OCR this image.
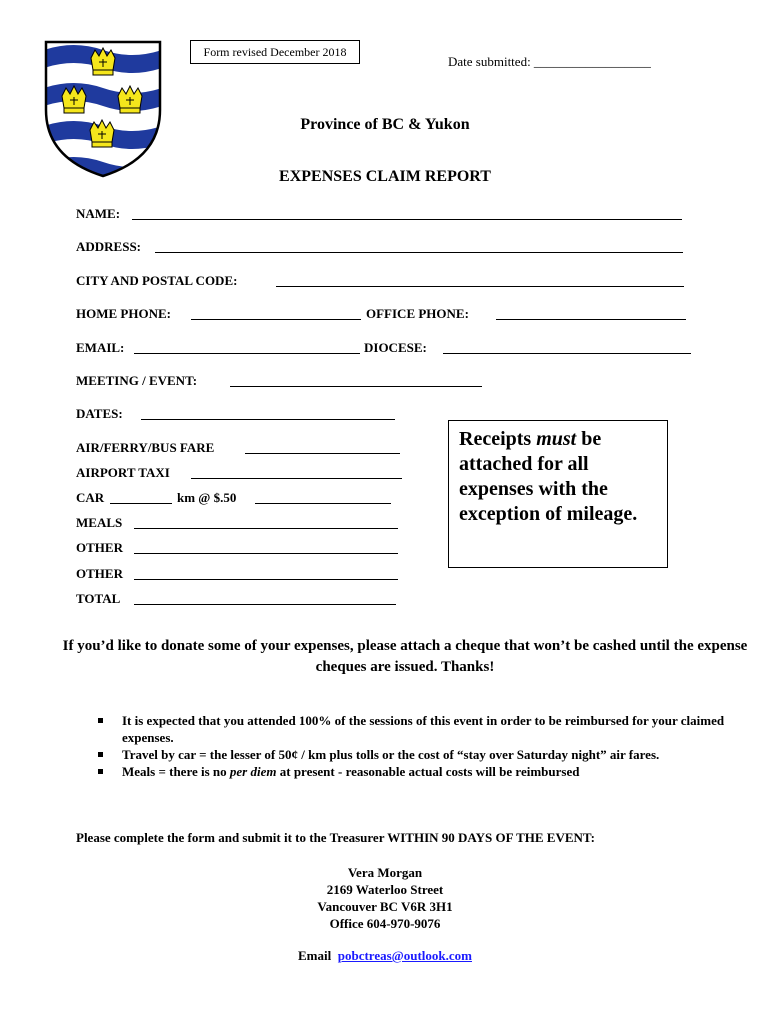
Form revised December 2018
Date submitted: __________________
Province of BC & Yukon
EXPENSES CLAIM REPORT
NAME:
ADDRESS:
CITY AND POSTAL CODE:
HOME PHONE:	OFFICE PHONE:
EMAIL:	DIOCESE:
MEETING / EVENT:
DATES:
AIR/FERRY/BUS FARE
AIRPORT TAXI
CAR	km @ $.50
MEALS
OTHER
OTHER
TOTAL
Receipts must be attached for all expenses with the exception of mileage.
If you’d like to donate some of your expenses, please attach a cheque that won’t be cashed until the expense cheques are issued. Thanks!
It is expected that you attended 100% of the sessions of this event in order to be reimbursed for your claimed expenses.
Travel by car = the lesser of 50¢ / km plus tolls or the cost of “stay over Saturday night” air fares.
Meals = there is no per diem at present - reasonable actual costs will be reimbursed
Please complete the form and submit it to the Treasurer WITHIN 90 DAYS OF THE EVENT:
Vera Morgan
2169 Waterloo Street
Vancouver BC V6R 3H1
Office 604-970-9076
Email pobctreas@outlook.com
